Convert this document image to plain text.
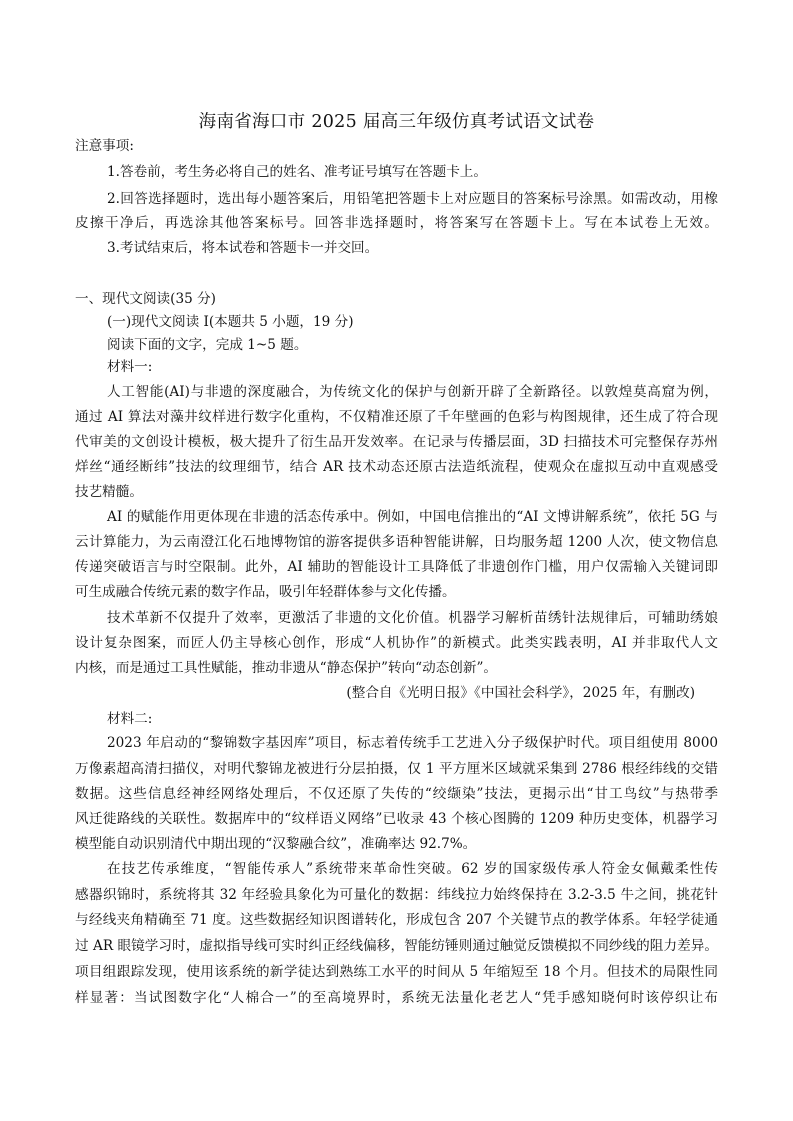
海南省海口市 2025 届高三年级仿真考试语文试卷
注意事项:
1.答卷前，考生务必将自己的姓名、准考证号填写在答题卡上。
2.回答选择题时，选出每小题答案后，用铅笔把答题卡上对应题目的答案标号涂黑。如需改动，用橡
皮擦干净后，再选涂其他答案标号。回答非选择题时，将答案写在答题卡上。写在本试卷上无效。
3.考试结束后，将本试卷和答题卡一并交回。
一、现代文阅读(35 分)
(一)现代文阅读 I(本题共 5 小题，19 分)
阅读下面的文字，完成 1~5 题。
材料一:
人工智能(AI)与非遗的深度融合，为传统文化的保护与创新开辟了全新路径。以敦煌莫高窟为例，
通过 AI 算法对藻井纹样进行数字化重构，不仅精准还原了千年壁画的色彩与构图规律，还生成了符合现
代审美的文创设计模板，极大提升了衍生品开发效率。在记录与传播层面，3D 扫描技术可完整保存苏州
烊丝“通经断纬”技法的纹理细节，结合 AR 技术动态还原古法造纸流程，使观众在虚拟互动中直观感受
技艺精髓。
AI 的赋能作用更体现在非遗的活态传承中。例如，中国电信推出的“AI 文博讲解系统”，依托 5G 与
云计算能力，为云南澄江化石地博物馆的游客提供多语种智能讲解，日均服务超 1200 人次，使文物信息
传递突破语言与时空限制。此外，AI 辅助的智能设计工具降低了非遗创作门槛，用户仅需输入关键词即
可生成融合传统元素的数字作品，吸引年轻群体参与文化传播。
技术革新不仅提升了效率，更激活了非遗的文化价值。机器学习解析苗绣针法规律后，可辅助绣娘
设计复杂图案，而匠人仍主导核心创作，形成“人机协作”的新模式。此类实践表明，AI 并非取代人文
内核，而是通过工具性赋能，推动非遗从“静态保护”转向“动态创新”。
(整合自《光明日报》《中国社会科学》，2025 年，有删改)
材料二:
2023 年启动的“黎锦数字基因库”项目，标志着传统手工艺进入分子级保护时代。项目组使用 8000
万像素超高清扫描仪，对明代黎锦龙被进行分层拍摄，仅 1 平方厘米区域就采集到 2786 根经纬线的交错
数据。这些信息经神经网络处理后，不仅还原了失传的“绞缬染”技法，更揭示出“甘工鸟纹”与热带季
风迁徙路线的关联性。数据库中的“纹样语义网络”已收录 43 个核心图腾的 1209 种历史变体，机器学习
模型能自动识别清代中期出现的“汉黎融合纹”，准确率达 92.7%。
在技艺传承维度，“智能传承人”系统带来革命性突破。62 岁的国家级传承人符金女佩戴柔性传
感器织锦时，系统将其 32 年经验具象化为可量化的数据：纬线拉力始终保持在 3.2-3.5 牛之间，挑花针
与经线夹角精确至 71 度。这些数据经知识图谱转化，形成包含 207 个关键节点的教学体系。年轻学徒通
过 AR 眼镜学习时，虚拟指导线可实时纠正经线偏移，智能纺锤则通过触觉反馈模拟不同纱线的阻力差异。
项目组跟踪发现，使用该系统的新学徒达到熟练工水平的时间从 5 年缩短至 18 个月。但技术的局限性同
样显著：当试图数字化“人棉合一”的至高境界时，系统无法量化老艺人“凭手感知晓何时该停织让布
